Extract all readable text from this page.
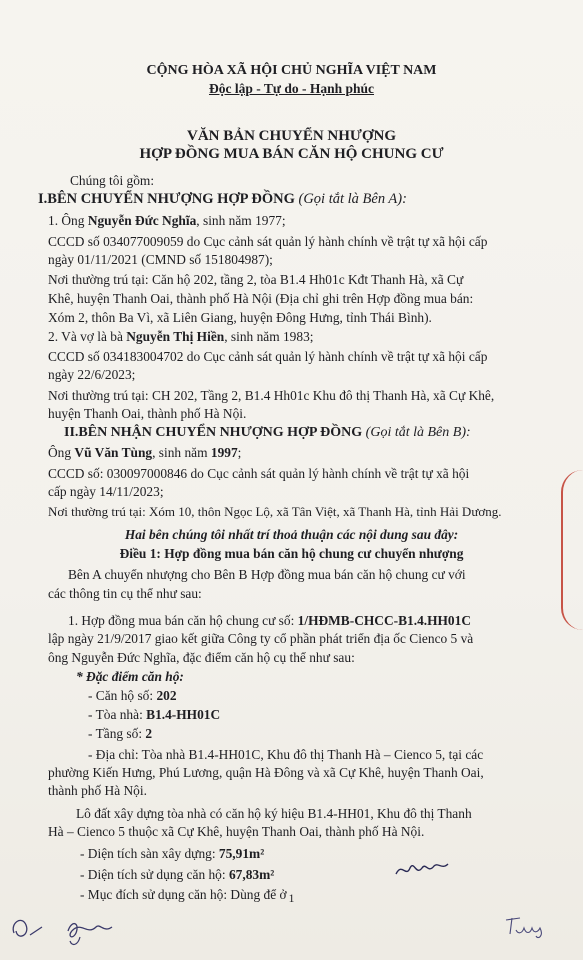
CỘNG HÒA XÃ HỘI CHỦ NGHĨA VIỆT NAM
Độc lập - Tự do - Hạnh phúc
VĂN BẢN CHUYỂN NHƯỢNG
HỢP ĐỒNG MUA BÁN CĂN HỘ CHUNG CƯ
Chúng tôi gồm:
I.BÊN CHUYỂN NHƯỢNG HỢP ĐỒNG (Gọi tắt là Bên A):
1. Ông Nguyễn Đức Nghĩa, sinh năm 1977;
CCCD số 034077009059 do Cục cảnh sát quản lý hành chính về trật tự xã hội cấp
ngày 01/11/2021 (CMND số 151804987);
Nơi thường trú tại: Căn hộ 202, tầng 2, tòa B1.4 Hh01c Kđt Thanh Hà, xã Cự
Khê, huyện Thanh Oai, thành phố Hà Nội (Địa chỉ ghi trên Hợp đồng mua bán:
Xóm 2, thôn Ba Vì, xã Liên Giang, huyện Đông Hưng, tỉnh Thái Bình).
2. Và vợ là bà Nguyễn Thị Hiền, sinh năm 1983;
CCCD số 034183004702 do Cục cảnh sát quản lý hành chính về trật tự xã hội cấp
ngày 22/6/2023;
Nơi thường trú tại: CH 202, Tầng 2, B1.4 Hh01c Khu đô thị Thanh Hà, xã Cự Khê,
huyện Thanh Oai, thành phố Hà Nội.
II.BÊN NHẬN CHUYỂN NHƯỢNG HỢP ĐỒNG (Gọi tắt là Bên B):
Ông Vũ Văn Tùng, sinh năm 1997;
CCCD số: 030097000846 do Cục cảnh sát quản lý hành chính về trật tự xã hội
cấp ngày 14/11/2023;
Nơi thường trú tại: Xóm 10, thôn Ngọc Lộ, xã Tân Việt, xã Thanh Hà, tỉnh Hải Dương.
Hai bên chúng tôi nhất trí thoả thuận các nội dung sau đây:
Điều 1: Hợp đồng mua bán căn hộ chung cư chuyển nhượng
Bên A chuyển nhượng cho Bên B Hợp đồng mua bán căn hộ chung cư với
các thông tin cụ thể như sau:
1. Hợp đồng mua bán căn hộ chung cư số: 1/HĐMB-CHCC-B1.4.HH01C
lập ngày 21/9/2017 giao kết giữa Công ty cổ phần phát triển địa ốc Cienco 5 và
ông Nguyễn Đức Nghĩa, đặc điểm căn hộ cụ thể như sau:
* Đặc điểm căn hộ:
- Căn hộ số: 202
- Tòa nhà: B1.4-HH01C
- Tầng số: 2
- Địa chỉ: Tòa nhà B1.4-HH01C, Khu đô thị Thanh Hà – Cienco 5, tại các
phường Kiến Hưng, Phú Lương, quận Hà Đông và xã Cự Khê, huyện Thanh Oai,
thành phố Hà Nội.
Lô đất xây dựng tòa nhà có căn hộ ký hiệu B1.4-HH01, Khu đô thị Thanh
Hà – Cienco 5 thuộc xã Cự Khê, huyện Thanh Oai, thành phố Hà Nội.
- Diện tích sàn xây dựng: 75,91m²
- Diện tích sử dụng căn hộ: 67,83m²
- Mục đích sử dụng căn hộ: Dùng để ở 1
